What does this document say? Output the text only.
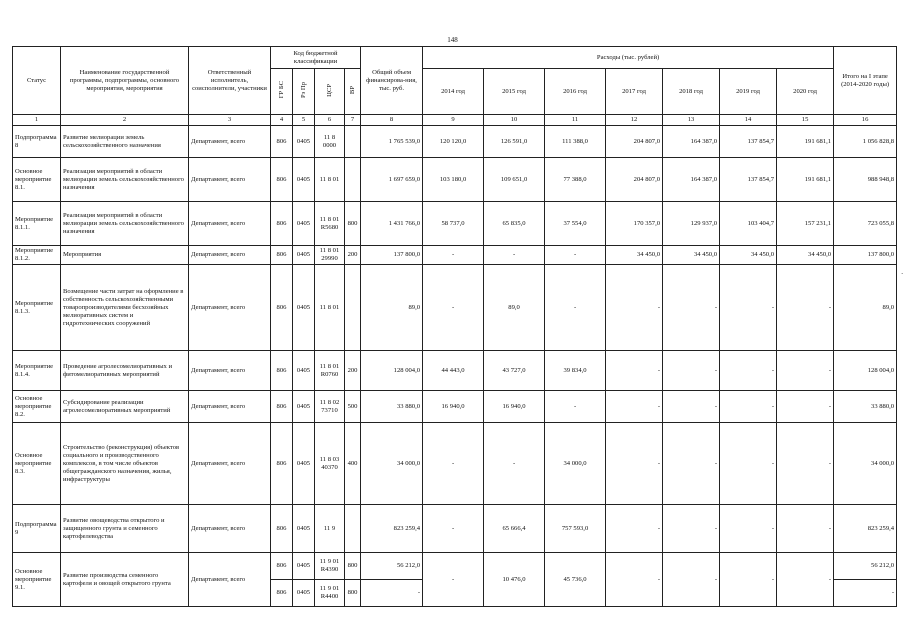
148
.
Статус	Наименование государственной программы, подпрограммы, основного мероприятия, мероприятия	Ответственный исполнитель, соисполнители, участники	Код бюджетной классификации				Общий объем финансирова-ния, тыс. руб.	Расходы (тыс. рублей)							Итого на I этапе (2014-2020 годы)
			ГР БС	Рз Пр	ЦСР	ВР		2014 год	2015 год	2016 год	2017 год	2018 год	2019 год	2020 год	
1	2	3	4	5	6	7	8	9	10	11	12	13	14	15	16
Подпрограмма 8	Развитие мелиорации земель сельскохозяйственного назначения	Департамент, всего	806	0405	11 8 0000		1 765 539,0	120 120,0	126 591,0	111 388,0	204 807,0	164 387,0	137 854,7	191 681,1	1 056 828,8
Основное мероприятие 8.1.	Реализация мероприятий в области мелиорации земель сельскохозяйственного назначения	Департамент, всего	806	0405	11 8 01		1 697 659,0	103 180,0	109 651,0	77 388,0	204 807,0	164 387,0	137 854,7	191 681,1	988 948,8
Мероприятие 8.1.1.	Реализация мероприятий в области мелиорации земель сельскохозяйственного назначения	Департамент, всего	806	0405	11 8 01 R5680	800	1 431 766,0	58 737,0	65 835,0	37 554,0	170 357,0	129 937,0	103 404,7	157 231,1	723 055,8
Мероприятие 8.1.2.	Мероприятия	Департамент, всего	806	0405	11 8 01 29990	200	137 800,0	-	-	-	34 450,0	34 450,0	34 450,0	34 450,0	137 800,0
Мероприятие 8.1.3.	Возмещение части затрат на оформление в собственность сельскохозяйственными товаропроизводителями бесхозяйных мелиоративных систем и гидротехнических сооружений	Департамент, всего	806	0405	11 8 01		89,0	-	89,0	-	-	-	-	-	89,0
Мероприятие 8.1.4.	Проведение агролесомелиоративных и фитомелиоративных мероприятий	Департамент, всего	806	0405	11 8 01 R0760	200	128 004,0	44 443,0	43 727,0	39 834,0	-	-	-	-	128 004,0
Основное мероприятие 8.2.	Субсидирование реализации агролесомелиоративных мероприятий	Департамент, всего	806	0405	11 8 02 73710	500	33 880,0	16 940,0	16 940,0	-	-	-	-	-	33 880,0
Основное мероприятие 8.3.	Строительство (реконструкция) объектов социального и производственного комплексов, в том числе объектов общегражданского назначения, жилья, инфраструктуры	Департамент, всего	806	0405	11 8 03 40370	400	34 000,0	-	-	34 000,0	-	-	-	-	34 000,0
Подпрограмма 9	Развитие овощеводства открытого и защищенного грунта и семенного картофелеводства	Департамент, всего	806	0405	11 9		823 259,4	-	65 666,4	757 593,0	-	-	-	-	823 259,4
Основное мероприятие 9.1.	Развитие производства семенного картофеля и овощей открытого грунта	Департамент, всего	806	0405	11 9 01 R4390	800	56 212,0	-	10 476,0	45 736,0	-	-	-	-	56 212,0
			806	0405	11 9 01 R4400	800	-								-
